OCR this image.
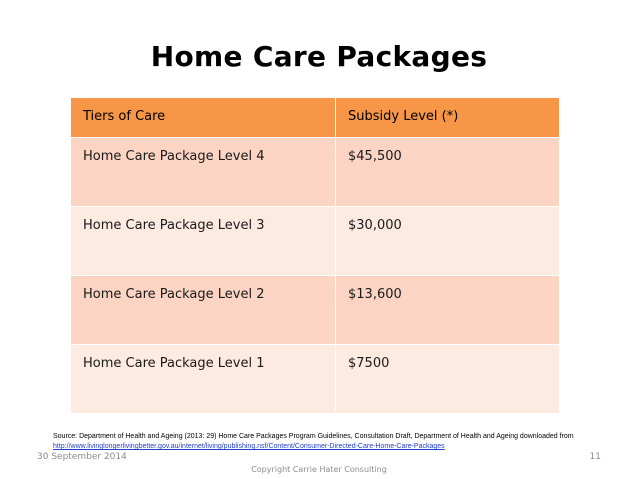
Home Care Packages
Tiers of Care	Subsidy Level (*)
Home Care Package Level 4	$45,500
Home Care Package Level 3	$30,000
Home Care Package Level 2	$13,600
Home Care Package Level 1	$7500
Source: Department of Health and Ageing (2013: 29) Home Care Packages Program Guidelines, Consultation Draft, Department of Health and Ageing downloaded from http://www.livinglongerlivingbetter.gov.au/internet/living/publishing.nsf/Content/Consumer-Directed-Care-Home-Care-Packages
30 September 2014
Copyright Carrie Hater Consulting
11
